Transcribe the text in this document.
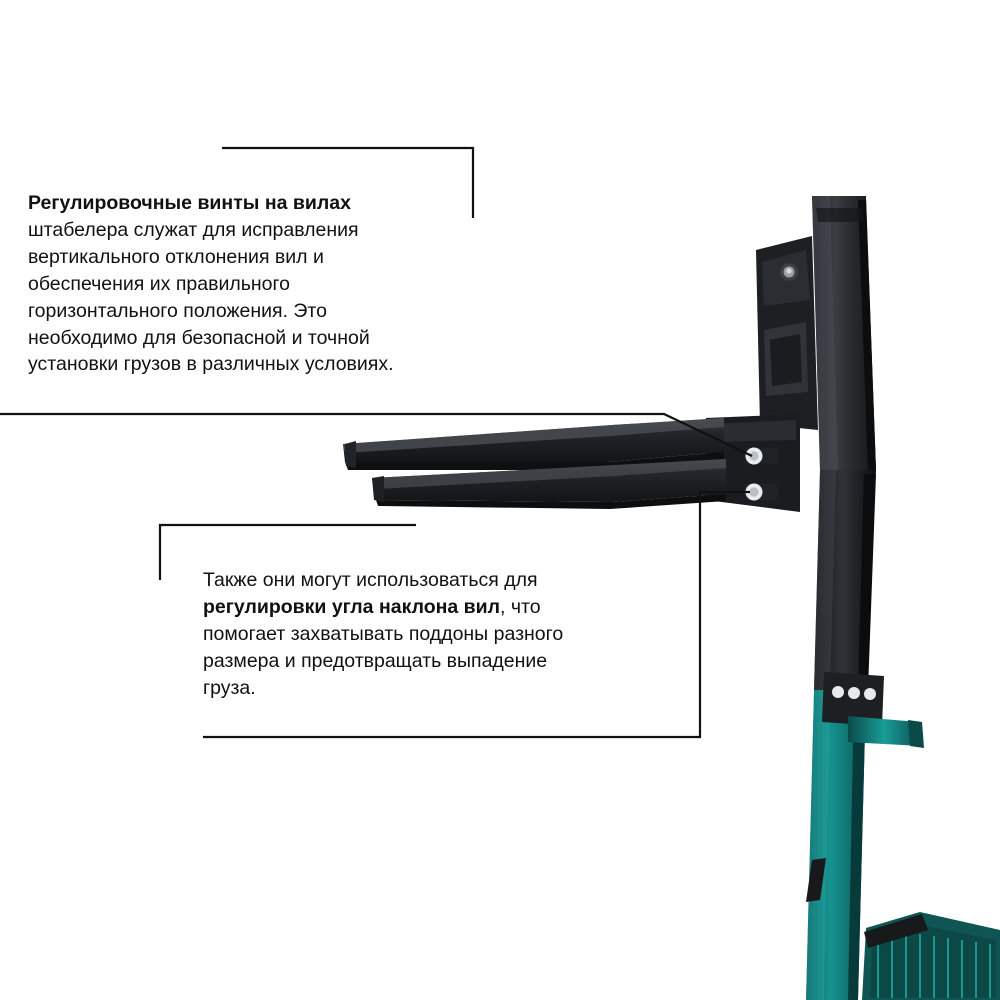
Регулировочные винты на вилах штабелера служат для исправления вертикального отклонения вил и обеспечения их правильного горизонтального положения. Это необходимо для безопасной и точной установки грузов в различных условиях.
Также они могут использоваться для регулировки угла наклона вил, что помогает захватывать поддоны разного размера и предотвращать выпадение груза.
